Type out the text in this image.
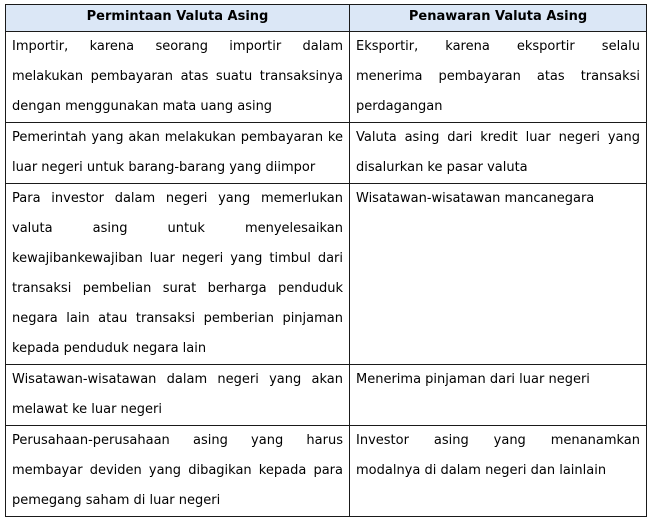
Permintaan Valuta Asing	Penawaran Valuta Asing
Importir, karena seorang importir dalam melakukan pembayaran atas suatu transaksinya dengan menggunakan mata uang asing	Eksportir, karena eksportir selalu menerima pembayaran atas transaksi perdagangan
Pemerintah yang akan melakukan pembayaran ke luar negeri untuk barang-barang yang diimpor	Valuta asing dari kredit luar negeri yang disalurkan ke pasar valuta
Para investor dalam negeri yang memerlukan valuta asing untuk menyelesaikan kewajibankewajiban luar negeri yang timbul dari transaksi pembelian surat berharga penduduk negara lain atau transaksi pemberian pinjaman kepada penduduk negara lain	Wisatawan-wisatawan mancanegara
Wisatawan-wisatawan dalam negeri yang akan melawat ke luar negeri	Menerima pinjaman dari luar negeri
Perusahaan-perusahaan asing yang harus membayar deviden yang dibagikan kepada para pemegang saham di luar negeri	Investor asing yang menanamkan modalnya di dalam negeri dan lainlain
